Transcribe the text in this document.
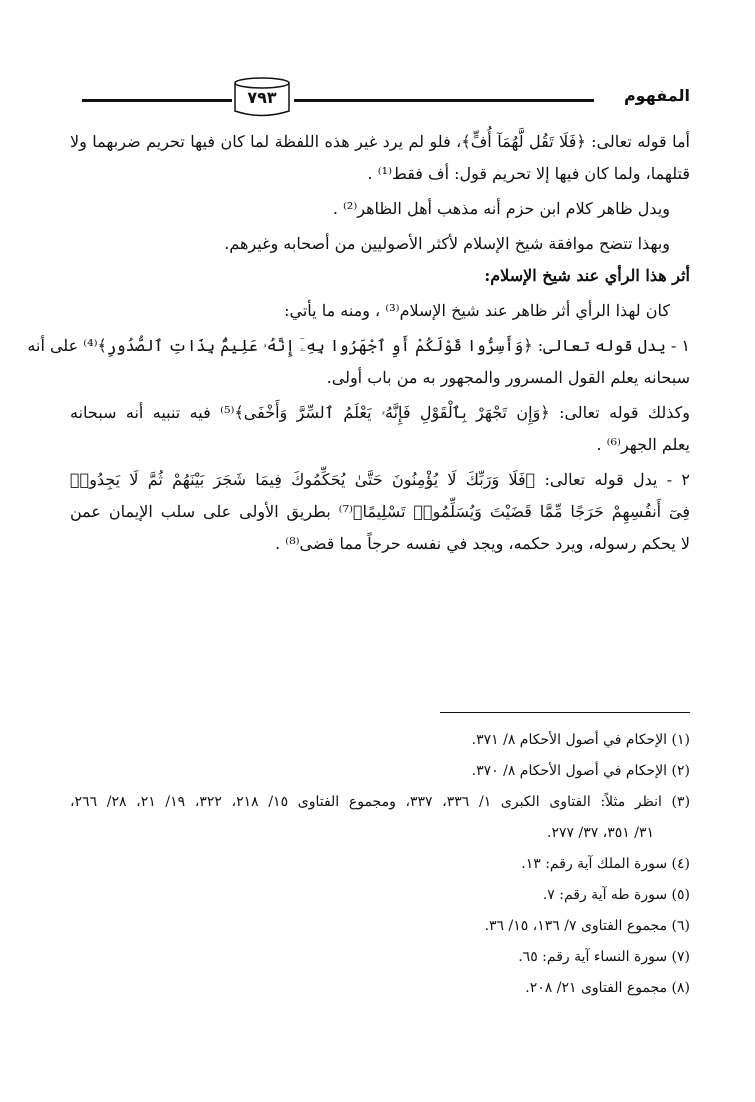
المفهوم
٧٩٣
أما قوله تعالى: ﴿فَلَا تَقُل لَّهُمَآ أُفٍّ﴾، فلو لم يرد غير هذه اللفظة لما كان فيها تحريم ضربهما ولا
قتلهما، ولما كان فيها إلا تحريم قول: أف فقط⁽¹⁾ .
ويدل ظاهر كلام ابن حزم أنه مذهب أهل الظاهر⁽²⁾ .
وبهذا تتضح موافقة شيخ الإسلام لأكثر الأصوليين من أصحابه وغيرهم.
أثر هذا الرأي عند شيخ الإسلام:
كان لهذا الرأي أثر ظاهر عند شيخ الإسلام⁽³⁾ ، ومنه ما يأتي:
١ - يدل قوله تعالى: ﴿وَأَسِرُّوا قَوْلَكُمْ أَوِ ٱجْهَرُوا بِهِۦٓ إِنَّهُۥ عَلِيمٌۢ بِذَاتِ ٱلصُّدُورِ﴾⁽⁴⁾ على أنه
سبحانه يعلم القول المسرور والمجهور به من باب أولى.
وكذلك قوله تعالى: ﴿وَإِن تَجْهَرْ بِٱلْقَوْلِ فَإِنَّهُۥ يَعْلَمُ ٱلسِّرَّ وَأَخْفَى﴾⁽⁵⁾ فيه تنبيه أنه سبحانه
يعلم الجهر⁽⁶⁾ .
٢ - يدل قوله تعالى: ﴿فَلَا وَرَبِّكَ لَا يُؤْمِنُونَ حَتَّىٰ يُحَكِّمُوكَ فِيمَا شَجَرَ بَيْنَهُمْ ثُمَّ لَا يَجِدُوا۟
فِىٓ أَنفُسِهِمْ حَرَجًا مِّمَّا قَضَيْتَ وَيُسَلِّمُوا۟ تَسْلِيمًا﴾⁽⁷⁾ بطريق الأولى على سلب الإيمان عمن
لا يحكم رسوله، ويرد حكمه، ويجد في نفسه حرجاً مما قضى⁽⁸⁾ .
(١) الإحكام في أصول الأحكام ٨/ ٣٧١.
(٢) الإحكام في أصول الأحكام ٨/ ٣٧٠.
(٣) انظر مثلاً: الفتاوى الكبرى ١/ ٣٣٦، ٣٣٧، ومجموع الفتاوى ١٥/ ٢١٨، ٣٢٢، ١٩/ ٢١، ٢٨/ ٢٦٦،
٣١/ ٣٥١، ٣٧/ ٢٧٧.
(٤) سورة الملك آية رقم: ١٣.
(٥) سورة طه آية رقم: ٧.
(٦) مجموع الفتاوى ٧/ ١٣٦، ١٥/ ٣٦.
(٧) سورة النساء آية رقم: ٦٥.
(٨) مجموع الفتاوى ٢١/ ٢٠٨.
